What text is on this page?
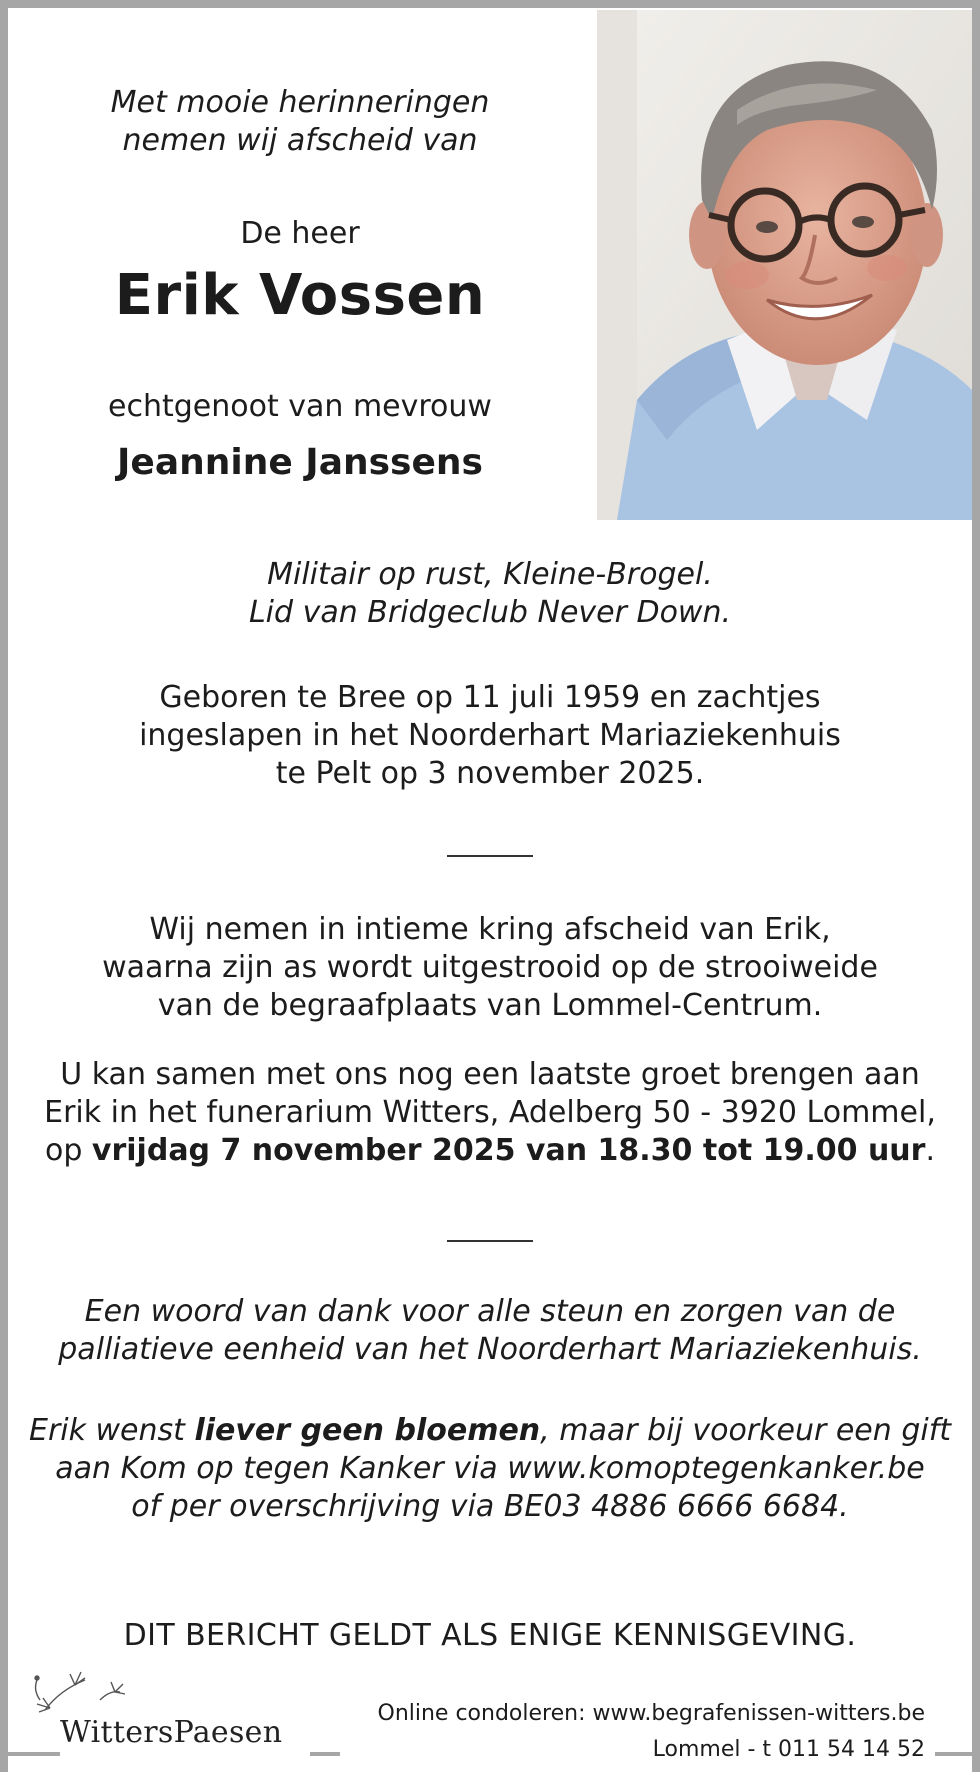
Met mooie herinneringen

nemen wij afscheid van

De heer

Erik Vossen

echtgenoot van mevrouw

Jeannine Janssens

Militair op rust, Kleine-Brogel.

Lid van Bridgeclub Never Down.

Geboren te Bree op 11 juli 1959 en zachtjes

ingeslapen in het Noorderhart Mariaziekenhuis

te Pelt op 3 november 2025.

Wij nemen in intieme kring afscheid van Erik,

waarna zijn as wordt uitgestrooid op de strooiweide

van de begraafplaats van Lommel-Centrum.

U kan samen met ons nog een laatste groet brengen aan

Erik in het funerarium Witters, Adelberg 50 - 3920 Lommel,

op vrijdag 7 november 2025 van 18.30 tot 19.00 uur.

Een woord van dank voor alle steun en zorgen van de

palliatieve eenheid van het Noorderhart Mariaziekenhuis.

Erik wenst liever geen bloemen, maar bij voorkeur een gift

aan Kom op tegen Kanker via www.komoptegenkanker.be

of per overschrijving via BE03 4886 6666 6684.

DIT BERICHT GELDT ALS ENIGE KENNISGEVING.

WittersPaesen
Online condoleren: www.begrafenissen-witters.be
Lommel - t 011 54 14 52
